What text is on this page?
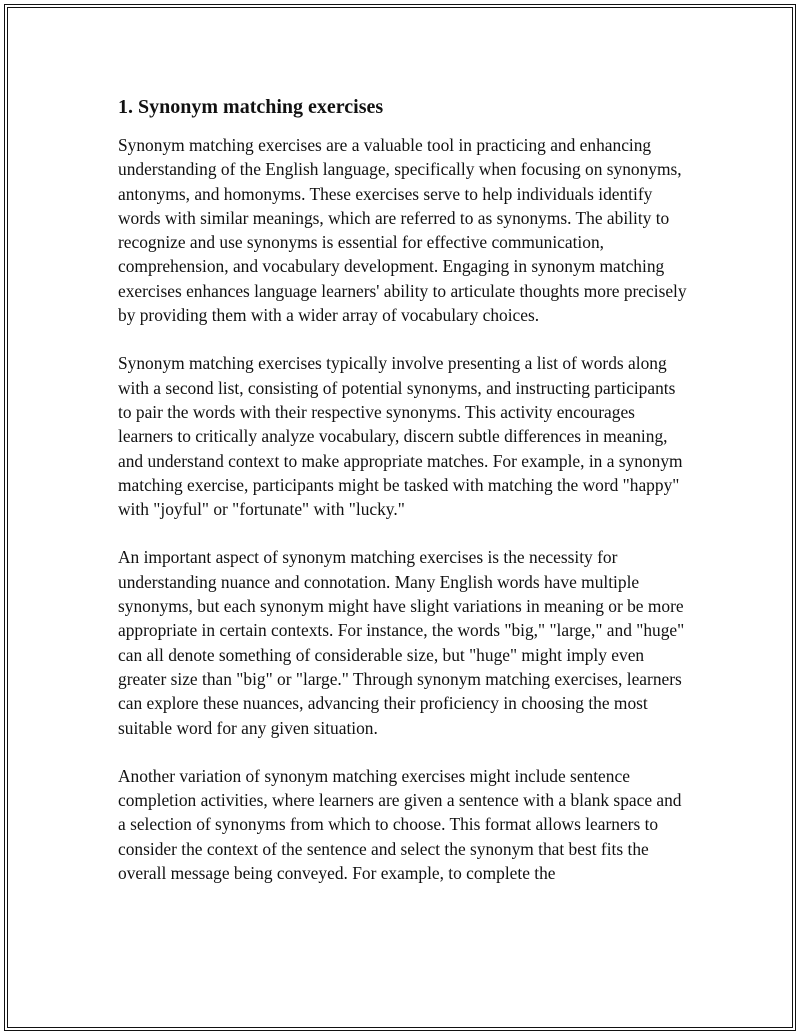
1. Synonym matching exercises

Synonym matching exercises are a valuable tool in practicing and enhancing understanding of the English language, specifically when focusing on synonyms, antonyms, and homonyms. These exercises serve to help individuals identify words with similar meanings, which are referred to as synonyms. The ability to recognize and use synonyms is essential for effective communication, comprehension, and vocabulary development. Engaging in synonym matching exercises enhances language learners' ability to articulate thoughts more precisely by providing them with a wider array of vocabulary choices.

Synonym matching exercises typically involve presenting a list of words along with a second list, consisting of potential synonyms, and instructing participants to pair the words with their respective synonyms. This activity encourages learners to critically analyze vocabulary, discern subtle differences in meaning, and understand context to make appropriate matches. For example, in a synonym matching exercise, participants might be tasked with matching the word "happy" with "joyful" or "fortunate" with "lucky."

An important aspect of synonym matching exercises is the necessity for understanding nuance and connotation. Many English words have multiple synonyms, but each synonym might have slight variations in meaning or be more appropriate in certain contexts. For instance, the words "big," "large," and "huge" can all denote something of considerable size, but "huge" might imply even greater size than "big" or "large." Through synonym matching exercises, learners can explore these nuances, advancing their proficiency in choosing the most suitable word for any given situation.

Another variation of synonym matching exercises might include sentence completion activities, where learners are given a sentence with a blank space and a selection of synonyms from which to choose. This format allows learners to consider the context of the sentence and select the synonym that best fits the overall message being conveyed. For example, to complete the
